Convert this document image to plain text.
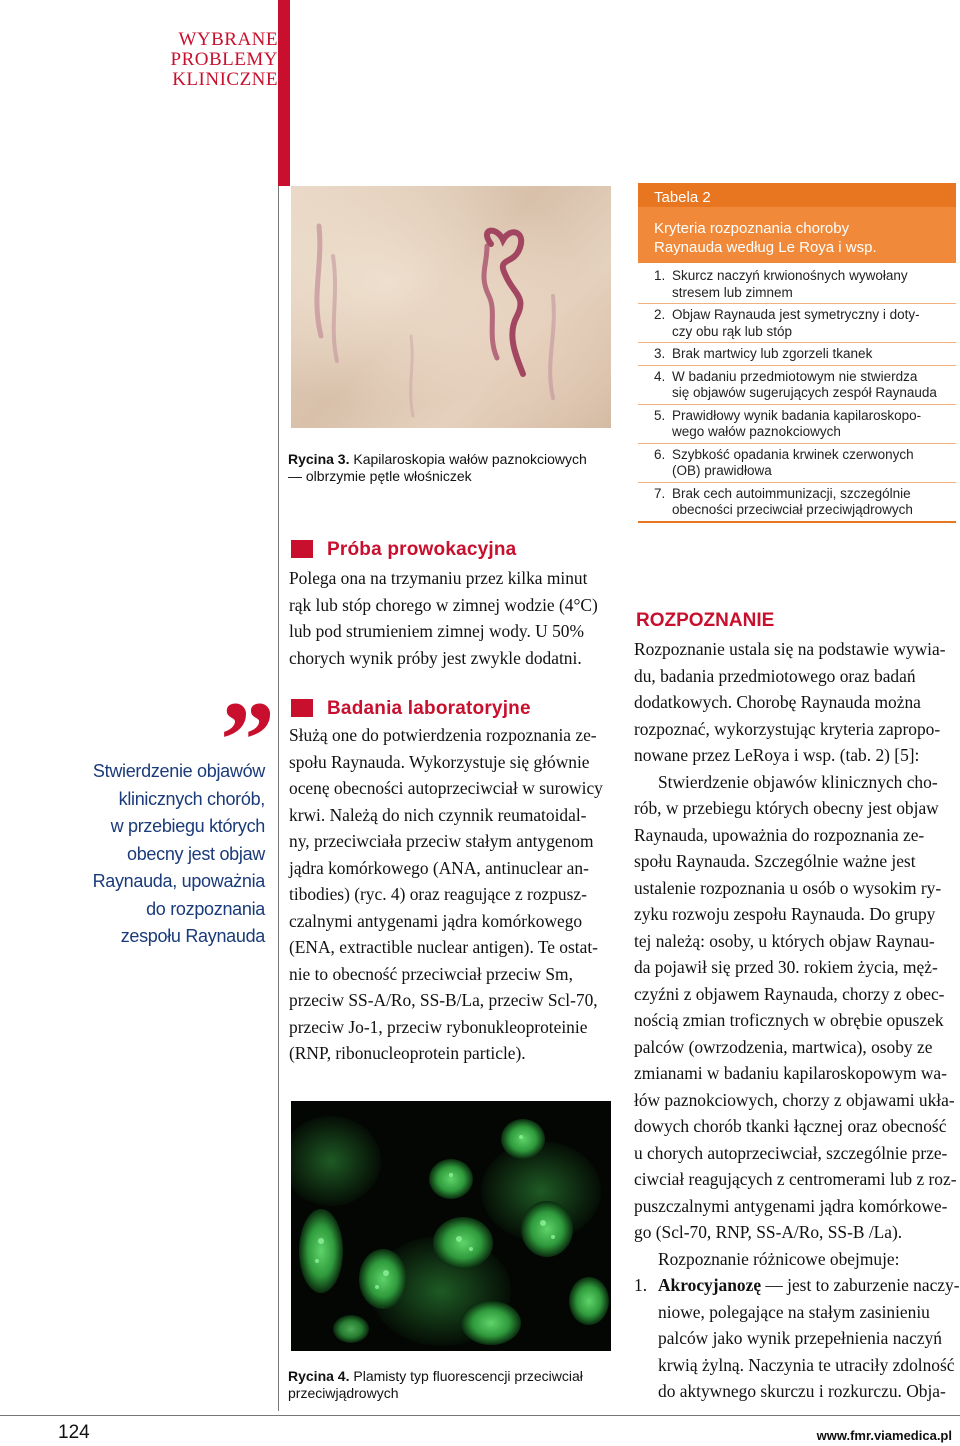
WYBRANE
PROBLEMY
KLINICZNE
”
Stwierdzenie objawów
klinicznych chorób,
w przebiegu których
obecny jest objaw
Raynauda, upoważnia
do rozpoznania
zespołu Raynauda
Rycina 3. Kapilaroskopia wałów paznokciowych
— olbrzymie pętle włośniczek
Próba prowokacyjna
Polega ona na trzymaniu przez kilka minut
rąk lub stóp chorego w zimnej wodzie (4°C)
lub pod strumieniem zimnej wody. U 50%
chorych wynik próby jest zwykle dodatni.
Badania laboratoryjne
Służą one do potwierdzenia rozpoznania ze-
społu Raynauda. Wykorzystuje się głównie
ocenę obecności autoprzeciwciał w surowicy
krwi. Należą do nich czynnik reumatoidal-
ny, przeciwciała przeciw stałym antygenom
jądra komórkowego (ANA, antinuclear an-
tibodies) (ryc. 4) oraz reagujące z rozpusz-
czalnymi antygenami jądra komórkowego
(ENA, extractible nuclear antigen). Te ostat-
nie to obecność przeciwciał przeciw Sm,
przeciw SS-A/Ro, SS-B/La, przeciw Scl-70,
przeciw Jo-1, przeciw rybonukleoproteinie
(RNP, ribonucleoprotein particle).
Rycina 4. Plamisty typ fluorescencji przeciwciał
przeciwjądrowych
Tabela 2
Kryteria rozpoznania choroby
Raynauda według Le Roya i wsp.
1. Skurcz naczyń krwionośnych wywołany
stresem lub zimnem
2. Objaw Raynauda jest symetryczny i doty-
czy obu rąk lub stóp
3. Brak martwicy lub zgorzeli tkanek
4. W badaniu przedmiotowym nie stwierdza
się objawów sugerujących zespół Raynauda
5. Prawidłowy wynik badania kapilaroskopo-
wego wałów paznokciowych
6. Szybkość opadania krwinek czerwonych
(OB) prawidłowa
7. Brak cech autoimmunizacji, szczególnie
obecności przeciwciał przeciwjądrowych
ROZPOZNANIE
Rozpoznanie ustala się na podstawie wywia-
du, badania przedmiotowego oraz badań
dodatkowych. Chorobę Raynauda można
rozpoznać, wykorzystując kryteria zapropo-
nowane przez LeRoya i wsp. (tab. 2) [5]:
Stwierdzenie objawów klinicznych cho-
rób, w przebiegu których obecny jest objaw
Raynauda, upoważnia do rozpoznania ze-
społu Raynauda. Szczególnie ważne jest
ustalenie rozpoznania u osób o wysokim ry-
zyku rozwoju zespołu Raynauda. Do grupy
tej należą: osoby, u których objaw Raynau-
da pojawił się przed 30. rokiem życia, męż-
czyźni z objawem Raynauda, chorzy z obec-
nością zmian troficznych w obrębie opuszek
palców (owrzodzenia, martwica), osoby ze
zmianami w badaniu kapilaroskopowym wa-
łów paznokciowych, chorzy z objawami ukła-
dowych chorób tkanki łącznej oraz obecność
u chorych autoprzeciwciał, szczególnie prze-
ciwciał reagujących z centromerami lub z roz-
puszczalnymi antygenami jądra komórkowe-
go (Scl-70, RNP, SS-A/Ro, SS-B /La).
Rozpoznanie różnicowe obejmuje:
1. Akrocyjanozę — jest to zaburzenie naczy-
niowe, polegające na stałym zasinieniu
palców jako wynik przepełnienia naczyń
krwią żylną. Naczynia te utraciły zdolność
do aktywnego skurczu i rozkurczu. Obja-
124	www.fmr.viamedica.pl
